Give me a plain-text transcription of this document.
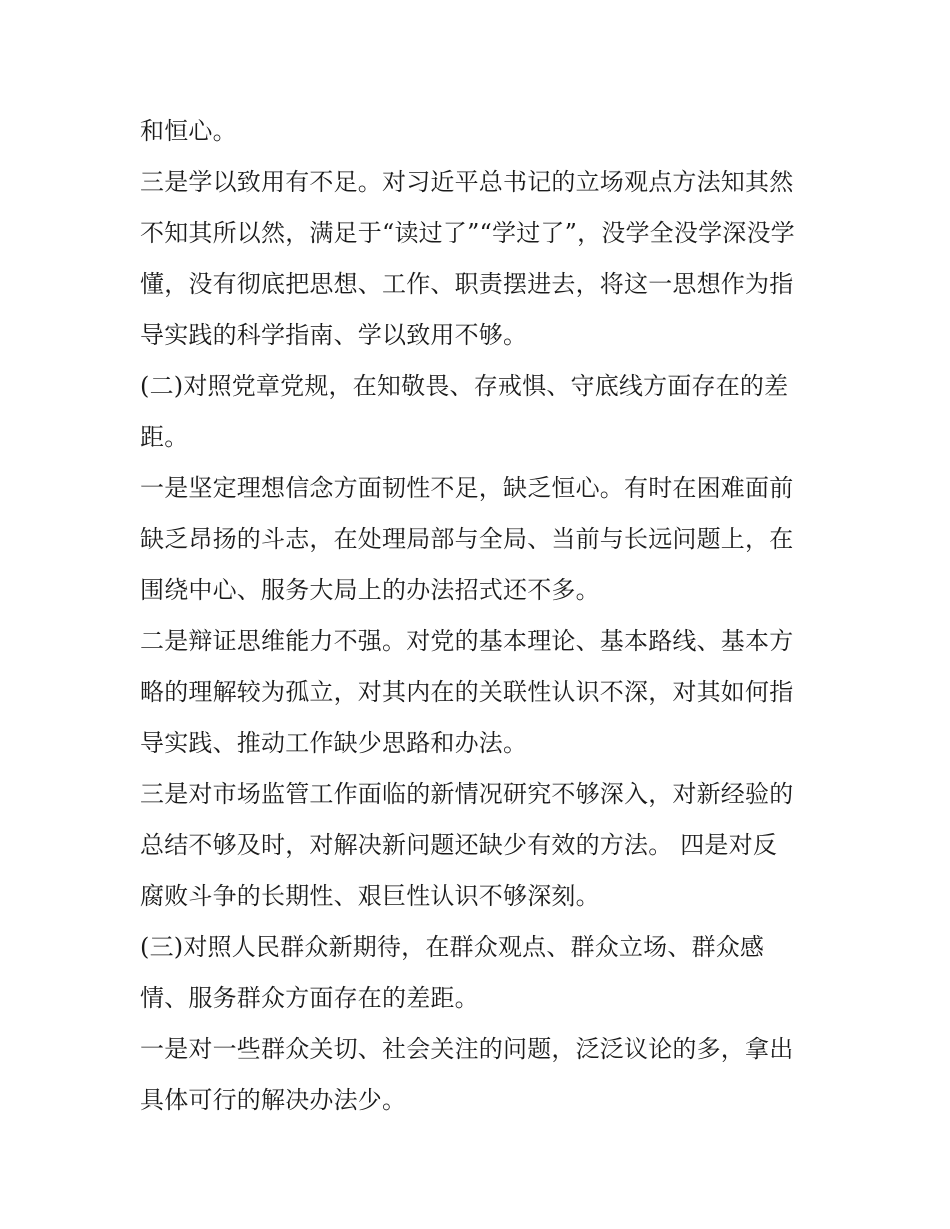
和恒心。
三是学以致用有不足。对习近平总书记的立场观点方法知其然
不知其所以然，满足于“读过了”“学过了”，没学全没学深没学
懂，没有彻底把思想、工作、职责摆进去，将这一思想作为指
导实践的科学指南、学以致用不够。
(二)对照党章党规，在知敬畏、存戒惧、守底线方面存在的差
距。
一是坚定理想信念方面韧性不足，缺乏恒心。有时在困难面前
缺乏昂扬的斗志，在处理局部与全局、当前与长远问题上，在
围绕中心、服务大局上的办法招式还不多。
二是辩证思维能力不强。对党的基本理论、基本路线、基本方
略的理解较为孤立，对其内在的关联性认识不深，对其如何指
导实践、推动工作缺少思路和办法。
三是对市场监管工作面临的新情况研究不够深入，对新经验的
总结不够及时，对解决新问题还缺少有效的方法。 四是对反
腐败斗争的长期性、艰巨性认识不够深刻。
(三)对照人民群众新期待，在群众观点、群众立场、群众感
情、服务群众方面存在的差距。
一是对一些群众关切、社会关注的问题，泛泛议论的多，拿出
具体可行的解决办法少。
